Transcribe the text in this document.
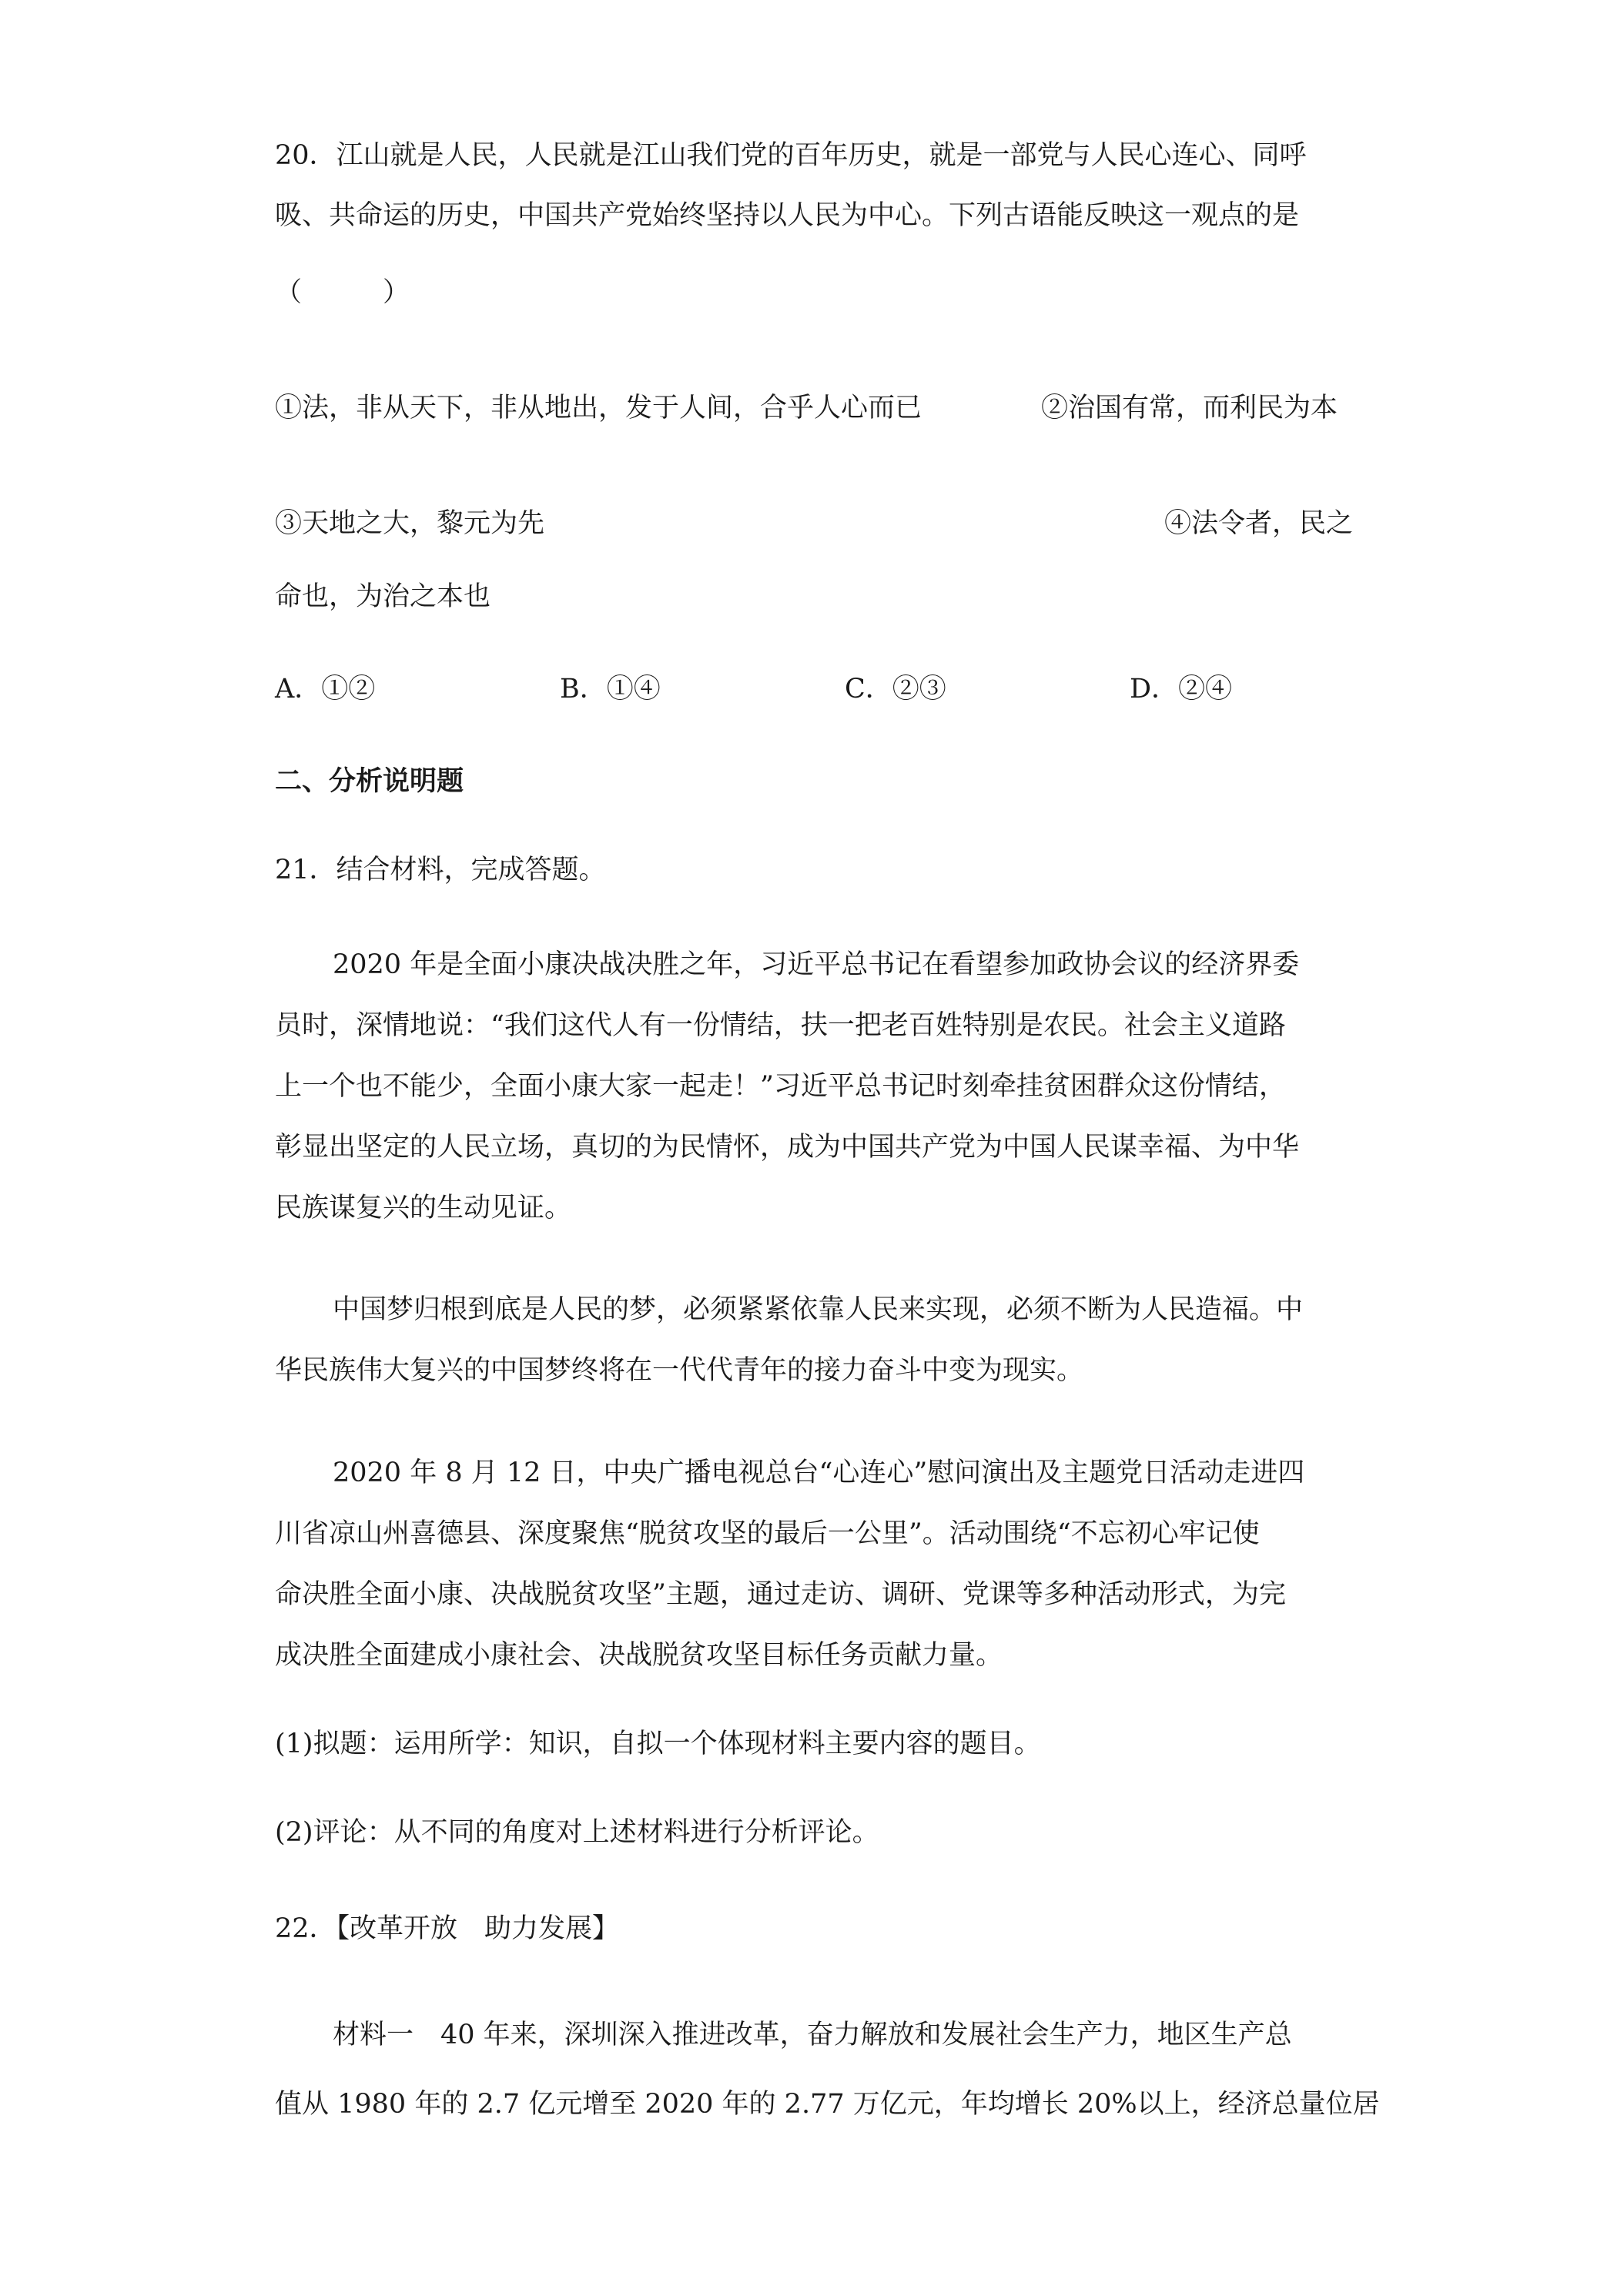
20．江山就是人民，人民就是江山我们党的百年历史，就是一部党与人民心连心、同呼
吸、共命运的历史，中国共产党始终坚持以人民为中心。下列古语能反映这一观点的是
（　　　）
①法，非从天下，非从地出，发于人间，合乎人心而已	②治国有常，而利民为本
③天地之大，黎元为先	④法令者，民之
命也，为治之本也
A．①②	B．①④	C．②③	D．②④
二、分析说明题
21．结合材料，完成答题。
2020 年是全面小康决战决胜之年，习近平总书记在看望参加政协会议的经济界委
员时，深情地说：“我们这代人有一份情结，扶一把老百姓特别是农民。社会主义道路
上一个也不能少，全面小康大家一起走！”习近平总书记时刻牵挂贫困群众这份情结，
彰显出坚定的人民立场，真切的为民情怀，成为中国共产党为中国人民谋幸福、为中华
民族谋复兴的生动见证。
中国梦归根到底是人民的梦，必须紧紧依靠人民来实现，必须不断为人民造福。中
华民族伟大复兴的中国梦终将在一代代青年的接力奋斗中变为现实。
2020 年 8 月 12 日，中央广播电视总台“心连心”慰问演出及主题党日活动走进四
川省凉山州喜德县、深度聚焦“脱贫攻坚的最后一公里”。活动围绕“不忘初心牢记使
命决胜全面小康、决战脱贫攻坚”主题，通过走访、调研、党课等多种活动形式，为完
成决胜全面建成小康社会、决战脱贫攻坚目标任务贡献力量。
(1)拟题：运用所学：知识，自拟一个体现材料主要内容的题目。
(2)评论：从不同的角度对上述材料进行分析评论。
22．【改革开放　助力发展】
材料一　40 年来，深圳深入推进改革，奋力解放和发展社会生产力，地区生产总
值从 1980 年的 2.7 亿元增至 2020 年的 2.77 万亿元，年均增长 20%以上，经济总量位居
